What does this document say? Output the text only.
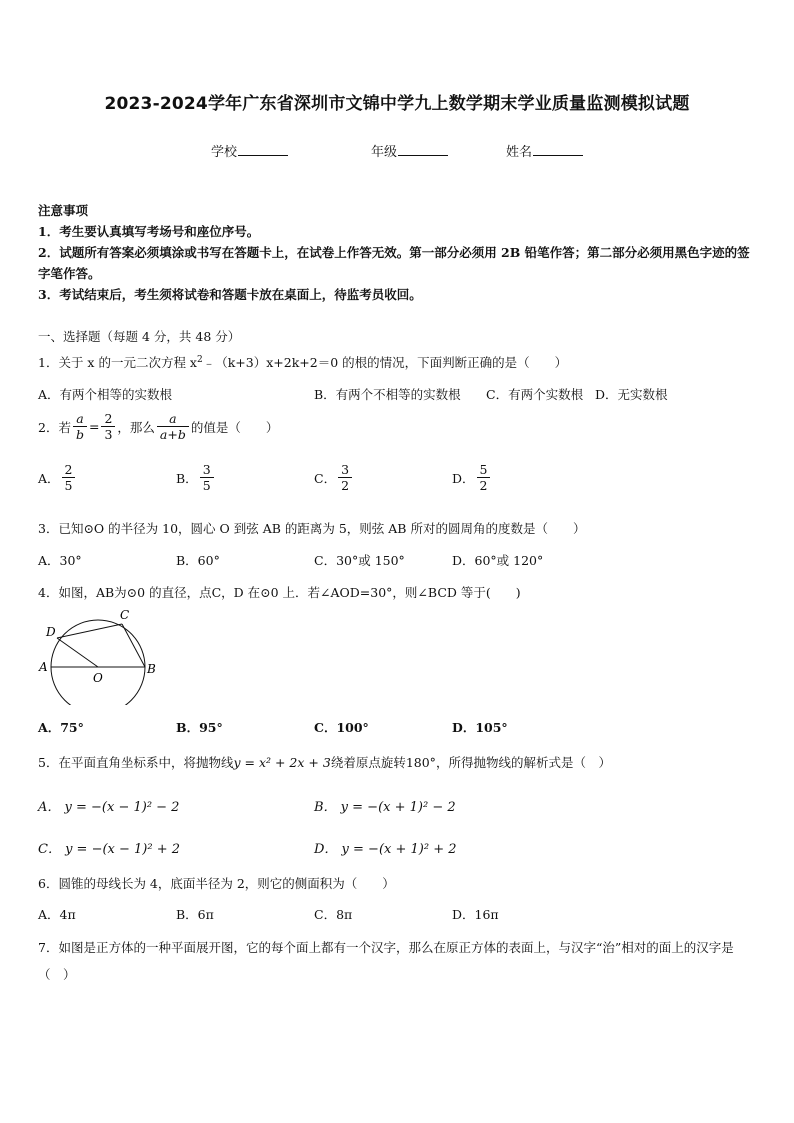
2023-2024学年广东省深圳市文锦中学九上数学期末学业质量监测模拟试题
学校	年级	姓名
注意事项
1．考生要认真填写考场号和座位序号。
2．试题所有答案必须填涂或书写在答题卡上，在试卷上作答无效。第一部分必须用 2B 铅笔作答；第二部分必须用黑色字迹的签字笔作答。
3．考试结束后，考生须将试卷和答题卡放在桌面上，待监考员收回。
一、选择题（每题 4 分，共 48 分）
1．关于 x 的一元二次方程 $x^2﹣(k+3)x+2k+2=0$ 的根的情况，下面判断正确的是（　　）
A．有两个相等的实数根	B．有两个不相等的实数根 C．有两个实数根 D．无实数根
2．若 $\frac{a}{b} = \frac{2}{3}$ ，那么 $\frac{a}{a+b}$ 的值是（　　）
A． $\frac{2}{5}$	B． $\frac{3}{5}$	C． $\frac{3}{2}$	D． $\frac{5}{2}$
3．已知⊙O 的半径为 10，圆心 O 到弦 AB 的距离为 5，则弦 AB 所对的圆周角的度数是（　　）
A．30°	B．60°	C．30°或 150°	D．60°或 120°
4．如图，AB为⊙0 的直径，点C，D 在⊙0 上．若∠AOD=30°，则∠BCD 等于(　　)
A	B
C
D
O
A．75°	B．95°	C．100°	D．105°
5．在平面直角坐标系中，将抛物线y = x² + 2x + 3绕着原点旋转180°，所得抛物线的解析式是（　）
A． y = −(x − 1)² − 2	B． y = −(x + 1)² − 2
C． y = −(x − 1)² + 2	D． y = −(x + 1)² + 2
6．圆锥的母线长为 4，底面半径为 2，则它的侧面积为（　　）
A．4π	B．6π	C．8π	D．16π
7．如图是正方体的一种平面展开图，它的每个面上都有一个汉字，那么在原正方体的表面上，与汉字“治”相对的面上的汉字是（　）
